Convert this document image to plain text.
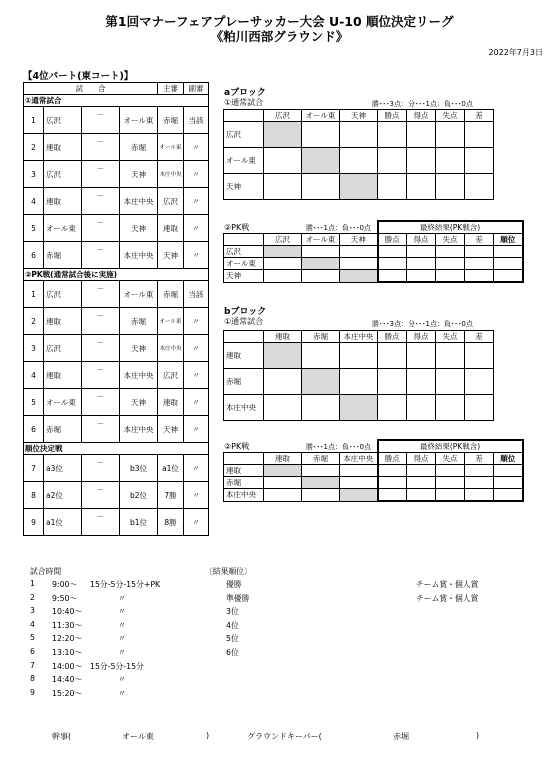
第1回マナーフェアプレーサッカー大会 U-10 順位決定リーグ
《粕川西部グラウンド》
2022年7月3日
【4位パート(東コート)】
試　　合				主審	副審
①通常試合					
1	広沢	－	オール東	赤堀	当該
2	連取	－	赤堀	オール東	〃
3	広沢	－	天神	本庄中央	〃
4	連取	－	本庄中央	広沢	〃
5	オール東	－	天神	連取	〃
6	赤堀	－	本庄中央	天神	〃
②PK戦(通常試合後に実施)					
1	広沢	－	オール東	赤堀	当該
2	連取	－	赤堀	オール東	〃
3	広沢	－	天神	本庄中央	〃
4	連取	－	本庄中央	広沢	〃
5	オール東	－	天神	連取	〃
6	赤堀	－	本庄中央	天神	〃
順位決定戦					
7	a3位	－	b3位	a1位	〃
8	a2位	－	b2位	7勝	〃
9	a1位	－	b1位	8勝	〃
aブロック
①通常試合	勝･･･3点：分･･･1点：負･･･0点
	広沢	オール東	天神	勝点	得点	失点	差
広沢							
オール東							
天神							
②PK戦	勝･･･1点：負･･･0点
				最終結果(PK戦含)				
	広沢	オール東	天神	勝点	得点	失点	差	順位
広沢								
オール東								
天神								
bブロック
①通常試合	勝･･･3点：分･･･1点：負･･･0点
	連取	赤堀	本庄中央	勝点	得点	失点	差
連取							
赤堀							
本庄中央							
②PK戦	勝･･･1点：負･･･0点
				最終結果(PK戦含)				
	連取	赤堀	本庄中央	勝点	得点	失点	差	順位
連取								
赤堀								
本庄中央								
試合時間	〔結果順位〕
1 9:00～ 15分-5分-15分+PK	優勝	チーム賞・個人賞
2 9:50～	〃	準優勝	チーム賞・個人賞
3 10:40～	〃	3位
4 11:30～	〃	4位
5 12:20～	〃	5位
6 13:10～	〃	6位
7 14:00～ 15分-5分-15分
8 14:40～	〃
9 15:20～	〃
幹事(	オール東	)	グラウンドキーパー(	赤堀	)
